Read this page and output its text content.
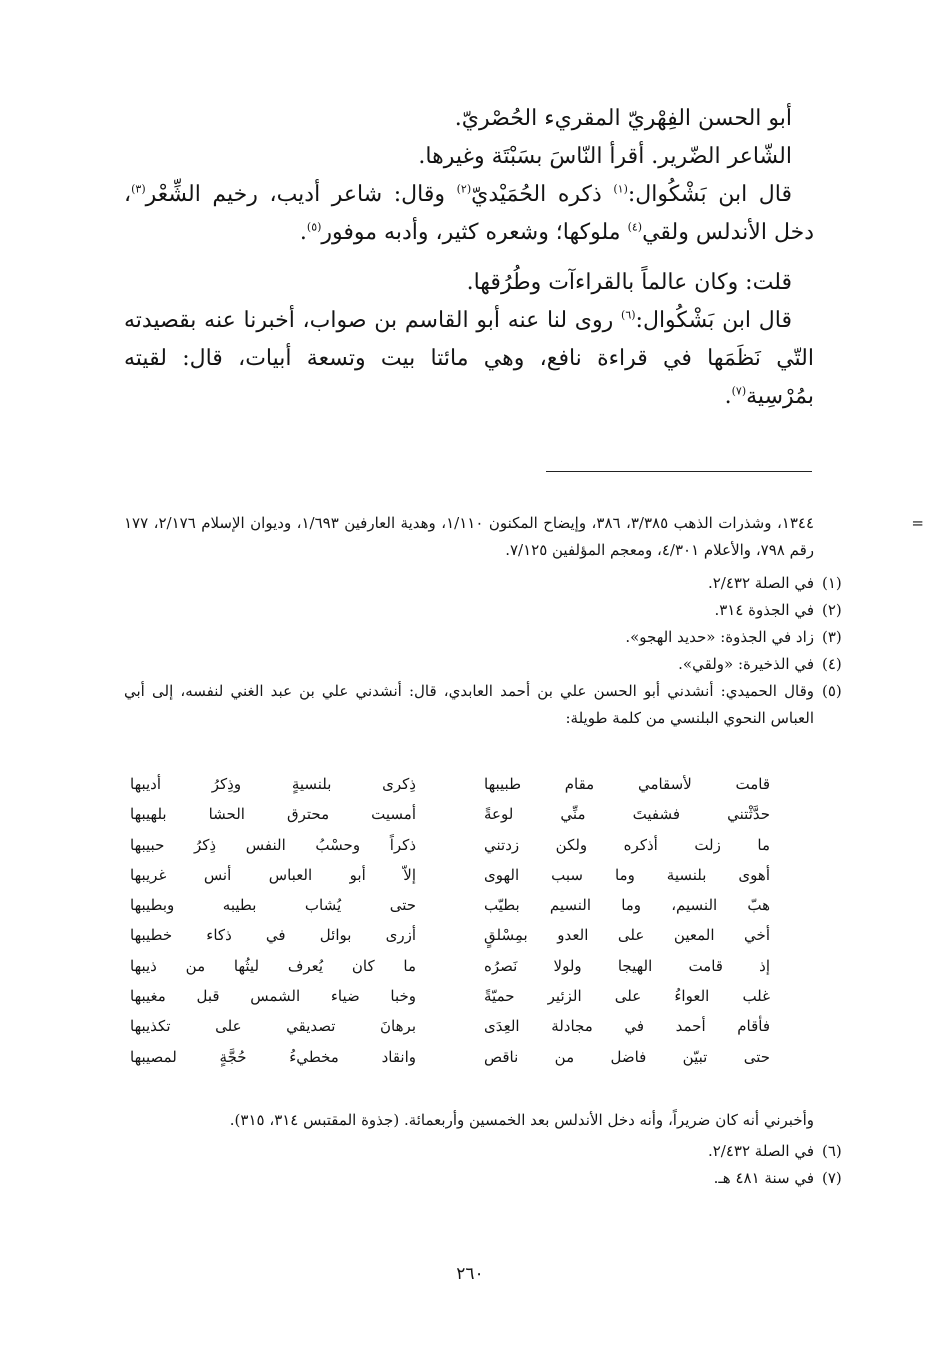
أبو الحسن الفِهْريّ المقريء الحُصْريّ.

الشّاعر الضّرير. أقرأ النّاسَ بسَبْتَة وغيرها.

قال ابن بَشْكُوال:$^{(١)}$ ذكره الحُمَيْديّ$^{(٢)}$ وقال: شاعر أديب، رخيم الشِّعْر$^{(٣)}$، دخل الأندلس ولقي$^{(٤)}$ ملوكها؛ وشعره كثير، وأدبه موفور$^{(٥)}$.

قلت: وكان عالماً بالقراءآت وطُرُقها.

قال ابن بَشْكُوال:$^{(٦)}$ روى لنا عنه أبو القاسم بن صواب، أخبرنا عنه بقصيدته التّي نَظَمَها في قراءة نافع، وهي مائتا بيت وتسعة أبيات، قال: لقيته بمُرْسِية$^{(٧)}$.

=
١٣٤٤، وشذرات الذهب ٣/٣٨٥، ٣٨٦، وإيضاح المكنون ١/١١٠، وهدية العارفين ١/٦٩٣، وديوان الإسلام ٢/١٧٦، ١٧٧ رقم ٧٩٨، والأعلام ٤/٣٠١، ومعجم المؤلفين ٧/١٢٥.
(١)
في الصلة ٢/٤٣٢.
(٢)
في الجذوة ٣١٤.
(٣)
زاد في الجذوة: «حديد الهجو».
(٤)
في الذخيرة: «ولقي».
(٥)
وقال الحميدي: أنشدني أبو الحسن علي بن أحمد العابدي، قال: أنشدني علي بن عبد الغني لنفسه، إلى أبي العباس النحوي البلنسي من كلمة طويلة:
قامت لأسقامي مقام طبيبها
ذِكرى بلنسيةٍ وذِكرُ أديبها
حدَّثْتني فشفيتَ منِّي لوعةً
أمسيت محترق الحشا بلهيبها
ما زلت أذكره ولكن زدتني
ذكراً وحسْبُ النفس ذِكرُ حبيبها
أهوى بلنسية وما سبب الهوى
إلاّ أبو العباس أنس غريبها
هبّ النسيم، وما النسيم بطيّب
حتى يُشاب بطيبه وبطيبها
أخي المعين على العدو بمِسْلقٍ
أزرى بوائل في ذكاء خطيبها
إذ قامت الهيجا ولولا نَصرُه
ما كان يُعرف ليثُها من ذيبها
غلب العواءُ على الزئير حميّةً
وخبا ضياء الشمس قبل مغيبها
فأقام أحمد في مجادلة العِدَى
برهانَ تصديقي على تكذيبها
حتى تبيّن فاضل من ناقص
وانقاد مخطيءُ حُجَّةٍ لمصيبها
وأخبرني أنه كان ضريراً، وأنه دخل الأندلس بعد الخمسين وأربعمائة. (جذوة المقتبس ٣١٤، ٣١٥).
(٦)
في الصلة ٢/٤٣٢.
(٧)
في سنة ٤٨١ هـ.
٢٦٠
